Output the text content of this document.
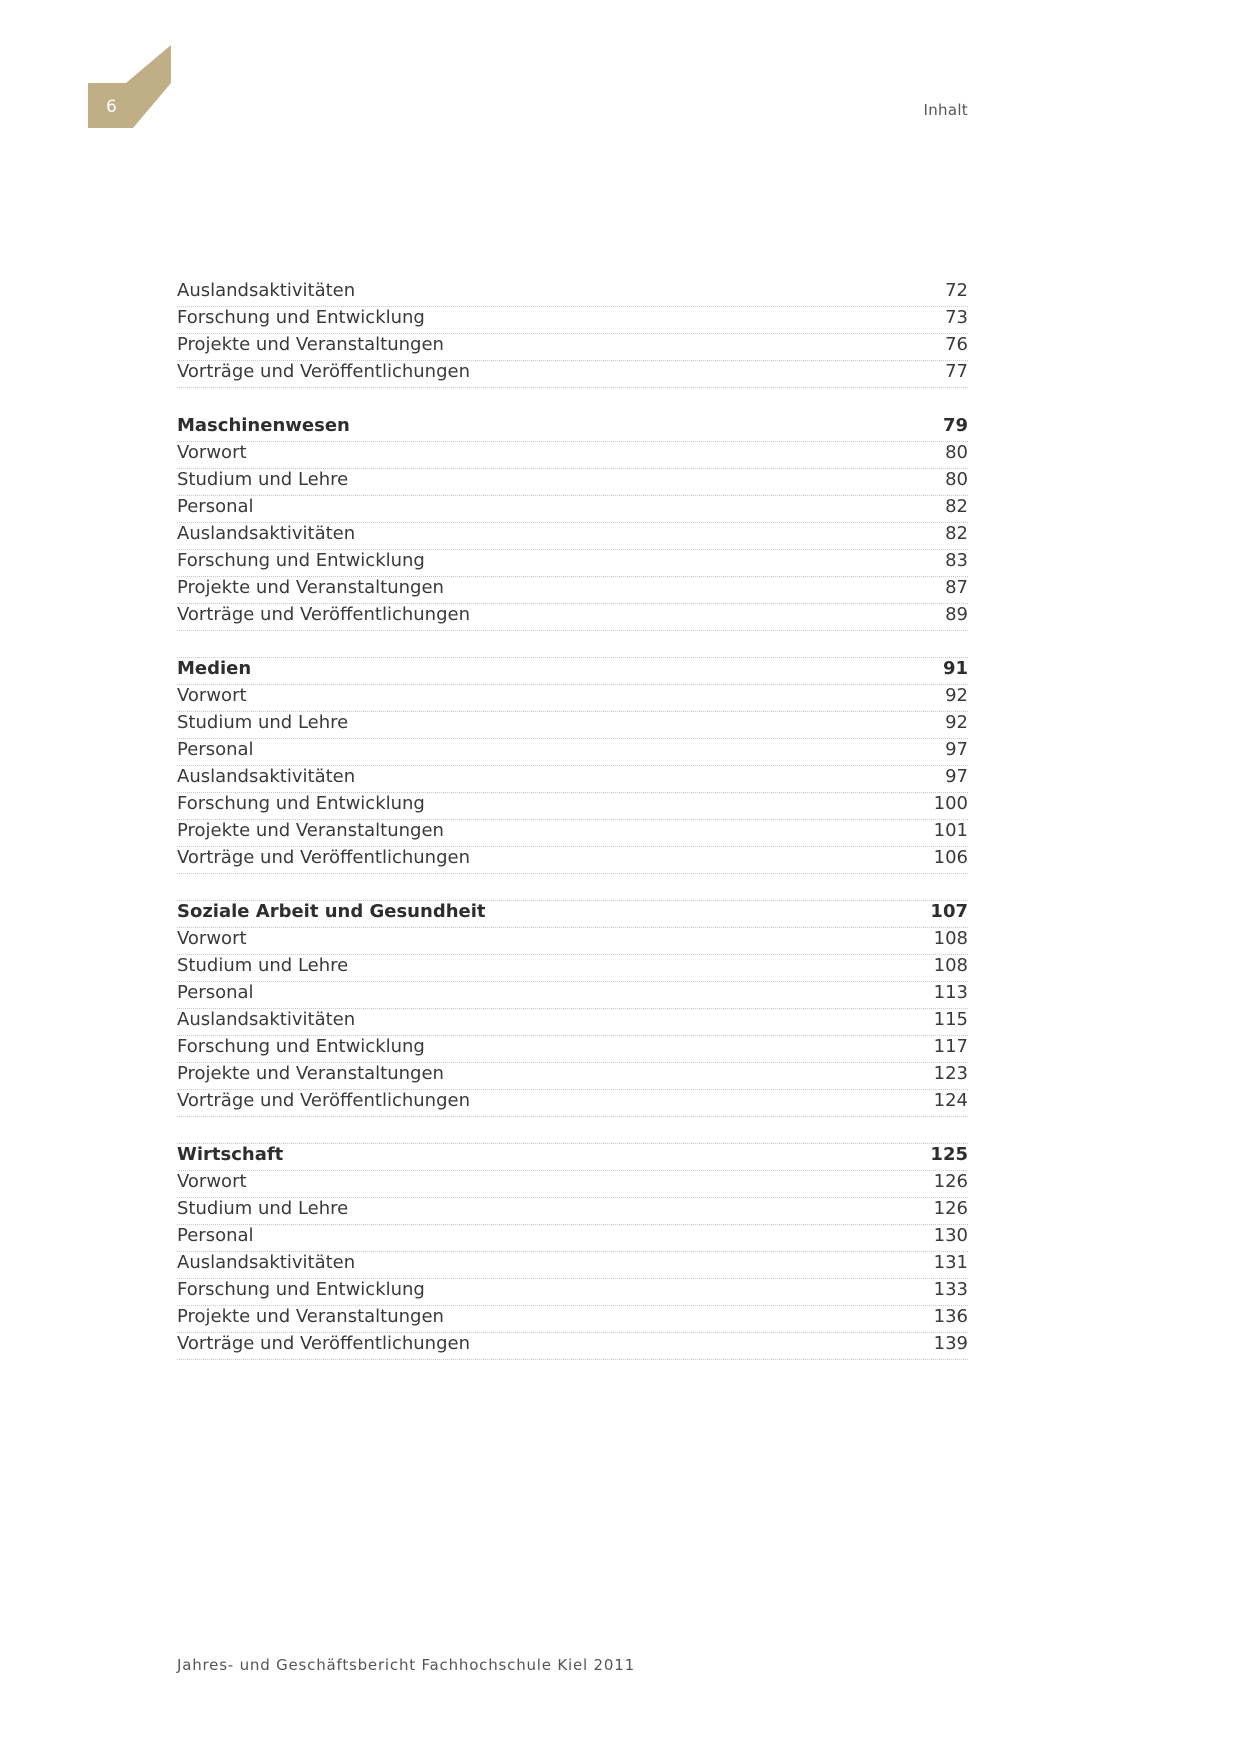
6	Inhalt
Auslandsaktivitäten	72
Forschung und Entwicklung	73
Projekte und Veranstaltungen	76
Vorträge und Veröffentlichungen	77
Maschinenwesen	79
Vorwort	80
Studium und Lehre	80
Personal	82
Auslandsaktivitäten	82
Forschung und Entwicklung	83
Projekte und Veranstaltungen	87
Vorträge und Veröffentlichungen	89
Medien	91
Vorwort	92
Studium und Lehre	92
Personal	97
Auslandsaktivitäten	97
Forschung und Entwicklung	100
Projekte und Veranstaltungen	101
Vorträge und Veröffentlichungen	106
Soziale Arbeit und Gesundheit	107
Vorwort	108
Studium und Lehre	108
Personal	113
Auslandsaktivitäten	115
Forschung und Entwicklung	117
Projekte und Veranstaltungen	123
Vorträge und Veröffentlichungen	124
Wirtschaft	125
Vorwort	126
Studium und Lehre	126
Personal	130
Auslandsaktivitäten	131
Forschung und Entwicklung	133
Projekte und Veranstaltungen	136
Vorträge und Veröffentlichungen	139
Jahres- und Geschäftsbericht Fachhochschule Kiel 2011
